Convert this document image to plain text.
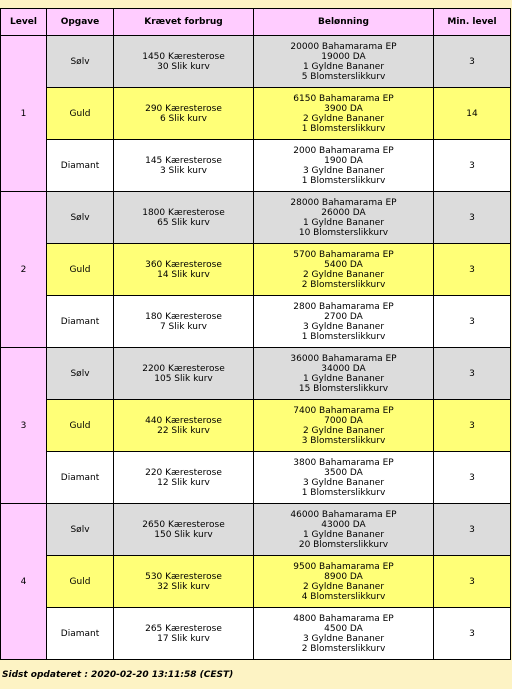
Level	Opgave	Krævet forbrug	Belønning	Min. level
1	Sølv	1450 Kæresterose
30 Slik kurv	20000 Bahamarama EP
19000 DA
1 Gyldne Bananer
5 Blomsterslikkurv	3
	Guld	290 Kæresterose
6 Slik kurv	6150 Bahamarama EP
3900 DA
2 Gyldne Bananer
1 Blomsterslikkurv	14
	Diamant	145 Kæresterose
3 Slik kurv	2000 Bahamarama EP
1900 DA
3 Gyldne Bananer
1 Blomsterslikkurv	3
2	Sølv	1800 Kæresterose
65 Slik kurv	28000 Bahamarama EP
26000 DA
1 Gyldne Bananer
10 Blomsterslikkurv	3
	Guld	360 Kæresterose
14 Slik kurv	5700 Bahamarama EP
5400 DA
2 Gyldne Bananer
2 Blomsterslikkurv	3
	Diamant	180 Kæresterose
7 Slik kurv	2800 Bahamarama EP
2700 DA
3 Gyldne Bananer
1 Blomsterslikkurv	3
3	Sølv	2200 Kæresterose
105 Slik kurv	36000 Bahamarama EP
34000 DA
1 Gyldne Bananer
15 Blomsterslikkurv	3
	Guld	440 Kæresterose
22 Slik kurv	7400 Bahamarama EP
7000 DA
2 Gyldne Bananer
3 Blomsterslikkurv	3
	Diamant	220 Kæresterose
12 Slik kurv	3800 Bahamarama EP
3500 DA
3 Gyldne Bananer
1 Blomsterslikkurv	3
4	Sølv	2650 Kæresterose
150 Slik kurv	46000 Bahamarama EP
43000 DA
1 Gyldne Bananer
20 Blomsterslikkurv	3
	Guld	530 Kæresterose
32 Slik kurv	9500 Bahamarama EP
8900 DA
2 Gyldne Bananer
4 Blomsterslikkurv	3
	Diamant	265 Kæresterose
17 Slik kurv	4800 Bahamarama EP
4500 DA
3 Gyldne Bananer
2 Blomsterslikkurv	3
Sidst opdateret : 2020-02-20 13:11:58 (CEST)
